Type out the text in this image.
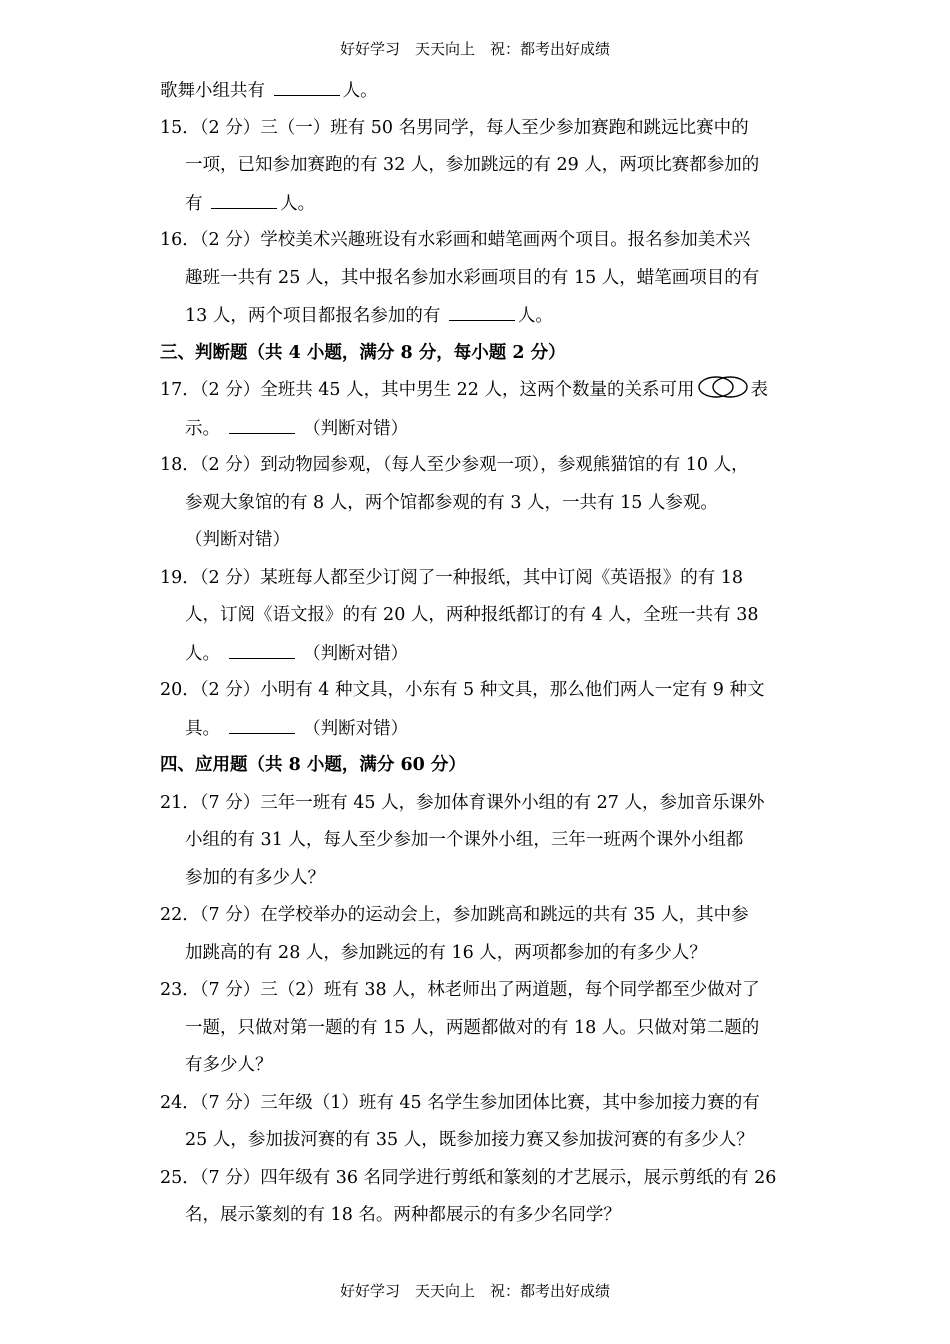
好好学习　天天向上　祝：都考出好成绩
歌舞小组共有	人。
15．（2 分）三（一）班有 50 名男同学，每人至少参加赛跑和跳远比赛中的
一项，已知参加赛跑的有 32 人，参加跳远的有 29 人，两项比赛都参加的
有	人。
16．（2 分）学校美术兴趣班设有水彩画和蜡笔画两个项目。报名参加美术兴
趣班一共有 25 人，其中报名参加水彩画项目的有 15 人，蜡笔画项目的有
13 人，两个项目都报名参加的有	人。
三、判断题（共 4 小题，满分 8 分，每小题 2 分）
17．（2 分）全班共 45 人，其中男生 22 人，这两个数量的关系可用	表
示。	（判断对错）
18．（2 分）到动物园参观，（每人至少参观一项），参观熊猫馆的有 10 人，
参观大象馆的有 8 人，两个馆都参观的有 3 人，一共有 15 人参观。
（判断对错）
19．（2 分）某班每人都至少订阅了一种报纸，其中订阅《英语报》的有 18
人，订阅《语文报》的有 20 人，两种报纸都订的有 4 人，全班一共有 38
人。	（判断对错）
20．（2 分）小明有 4 种文具，小东有 5 种文具，那么他们两人一定有 9 种文
具。	（判断对错）
四、应用题（共 8 小题，满分 60 分）
21．（7 分）三年一班有 45 人，参加体育课外小组的有 27 人，参加音乐课外
小组的有 31 人，每人至少参加一个课外小组，三年一班两个课外小组都
参加的有多少人？
22．（7 分）在学校举办的运动会上，参加跳高和跳远的共有 35 人，其中参
加跳高的有 28 人，参加跳远的有 16 人，两项都参加的有多少人？
23．（7 分）三（2）班有 38 人，林老师出了两道题，每个同学都至少做对了
一题，只做对第一题的有 15 人，两题都做对的有 18 人。只做对第二题的
有多少人？
24．（7 分）三年级（1）班有 45 名学生参加团体比赛，其中参加接力赛的有
25 人，参加拔河赛的有 35 人，既参加接力赛又参加拔河赛的有多少人？
25．（7 分）四年级有 36 名同学进行剪纸和篆刻的才艺展示，展示剪纸的有 26
名，展示篆刻的有 18 名。两种都展示的有多少名同学？
好好学习　天天向上　祝：都考出好成绩
